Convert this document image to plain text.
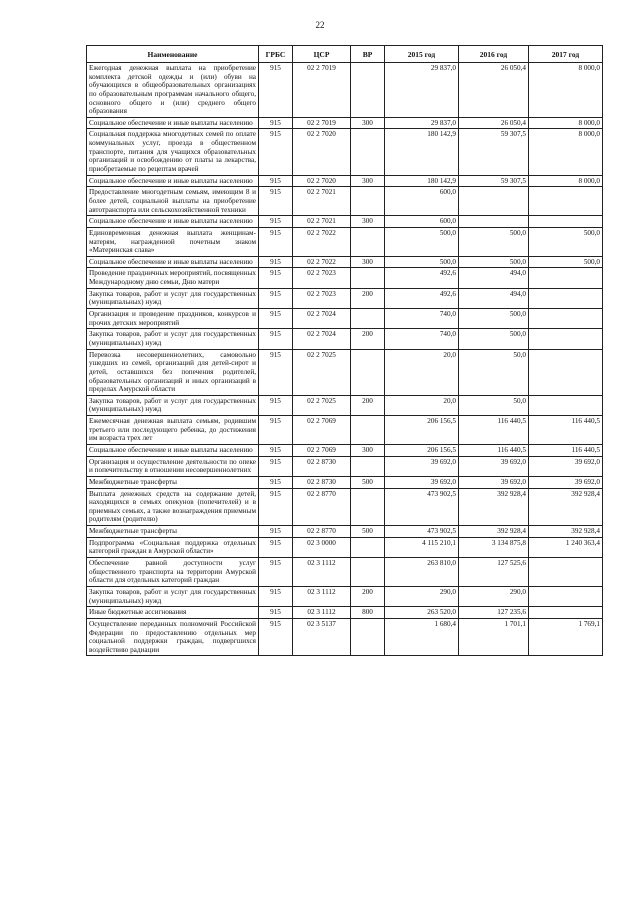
22
Наименование	ГРБС	ЦСР	ВР	2015 год	2016 год	2017 год
Ежегодная денежная выплата на приобретение комплекта детской одежды и (или) обуви на обучающихся в общеобразовательных организациях по образовательным программам начального общего, основного общего и (или) среднего общего образования	915	02 2 7019		29 837,0	26 050,4	8 000,0
Социальное обеспечение и иные выплаты населению	915	02 2 7019	300	29 837,0	26 050,4	8 000,0
Социальная поддержка многодетных семей по оплате коммунальных услуг, проезда в общественном транспорте, питания для учащихся образовательных организаций и освобождению от платы за лекарства, приобретаемые по рецептам врачей	915	02 2 7020		180 142,9	59 307,5	8 000,0
Социальное обеспечение и иные выплаты населению	915	02 2 7020	300	180 142,9	59 307,5	8 000,0
Предоставление многодетным семьям, имеющим 8 и более детей, социальной выплаты на приобретение автотранспорта или сельскохозяйственной техники	915	02 2 7021		600,0		
Социальное обеспечение и иные выплаты населению	915	02 2 7021	300	600,0		
Единовременная денежная выплата женщинам-матерям, награжденной почетным знаком «Материнская слава»	915	02 2 7022		500,0	500,0	500,0
Социальное обеспечение и иные выплаты населению	915	02 2 7022	300	500,0	500,0	500,0
Проведение праздничных мероприятий, посвященных Международному дню семьи, Дню матери	915	02 2 7023		492,6	494,0	
Закупка товаров, работ и услуг для государственных (муниципальных) нужд	915	02 2 7023	200	492,6	494,0	
Организация и проведение праздников, конкурсов и прочих детских мероприятий	915	02 2 7024		740,0	500,0	
Закупка товаров, работ и услуг для государственных (муниципальных) нужд	915	02 2 7024	200	740,0	500,0	
Перевозка несовершеннолетних, самовольно ушедших из семей, организаций для детей-сирот и детей, оставшихся без попечения родителей, образовательных организаций и иных организаций в пределах Амурской области	915	02 2 7025		20,0	50,0	
Закупка товаров, работ и услуг для государственных (муниципальных) нужд	915	02 2 7025	200	20,0	50,0	
Ежемесячная денежная выплата семьям, родившим третьего или последующего ребенка, до достижения им возраста трех лет	915	02 2 7069		206 156,5	116 440,5	116 440,5
Социальное обеспечение и иные выплаты населению	915	02 2 7069	300	206 156,5	116 440,5	116 440,5
Организация и осуществление деятельности по опеке и попечительству в отношении несовершеннолетних	915	02 2 8730		39 692,0	39 692,0	39 692,0
Межбюджетные трансферты	915	02 2 8730	500	39 692,0	39 692,0	39 692,0
Выплата денежных средств на содержание детей, находящихся в семьях опекунов (попечителей) и в приемных семьях, а также вознаграждения приемным родителям (родителю)	915	02 2 8770		473 902,5	392 928,4	392 928,4
Межбюджетные трансферты	915	02 2 8770	500	473 902,5	392 928,4	392 928,4
Подпрограмма «Социальная поддержка отдельных категорий граждан в Амурской области»	915	02 3 0000		4 115 210,1	3 134 875,8	1 240 363,4
Обеспечение равной доступности услуг общественного транспорта на территории Амурской области для отдельных категорий граждан	915	02 3 1112		263 810,0	127 525,6	
Закупка товаров, работ и услуг для государственных (муниципальных) нужд	915	02 3 1112	200	290,0	290,0	
Иные бюджетные ассигнования	915	02 3 1112	800	263 520,0	127 235,6	
Осуществление переданных полномочий Российской Федерации по предоставлению отдельных мер социальной поддержки граждан, подвергшихся воздействию радиации	915	02 3 5137		1 680,4	1 701,1	1 769,1
